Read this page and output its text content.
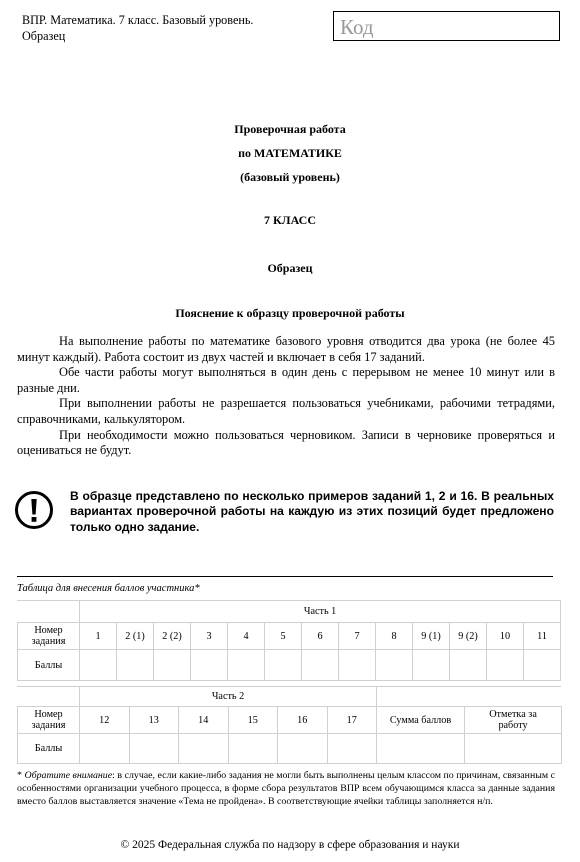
ВПР. Математика. 7 класс. Базовый уровень.
Образец	Код
Проверочная работа
по МАТЕМАТИКЕ
(базовый уровень)
7 КЛАСС
Образец
Пояснение к образцу проверочной работы

На выполнение работы по математике базового уровня отводится два урока (не более 45 минут каждый). Работа состоит из двух частей и включает в себя 17 заданий.

Обе части работы могут выполняться в один день с перерывом не менее 10 минут или в разные дни.

При выполнении работы не разрешается пользоваться учебниками, рабочими тетрадями, справочниками, калькулятором.

При необходимости можно пользоваться черновиком. Записи в черновике проверяться и оцениваться не будут.

В образце представлено по несколько примеров заданий 1, 2 и 16. В реальных вариантах проверочной работы на каждую из этих позиций будет предложено только одно задание.
Таблица для внесения баллов участника*
	Часть 1												
Номер задания	1	2 (1)	2 (2)	3	4	5	6	7	8	9 (1)	9 (2)	10	11
Баллы													
	Часть 2							
Номер задания	12	13	14	15	16	17	Сумма баллов	Отметка за работу
Баллы								
* Обратите внимание: в случае, если какие-либо задания не могли быть выполнены целым классом по причинам, связанным с особенностями организации учебного процесса, в форме сбора результатов ВПР всем обучающимся класса за данные задания вместо баллов выставляется значение «Тема не пройдена». В соответствующие ячейки таблицы заполняется н/п.
© 2025 Федеральная служба по надзору в сфере образования и науки
